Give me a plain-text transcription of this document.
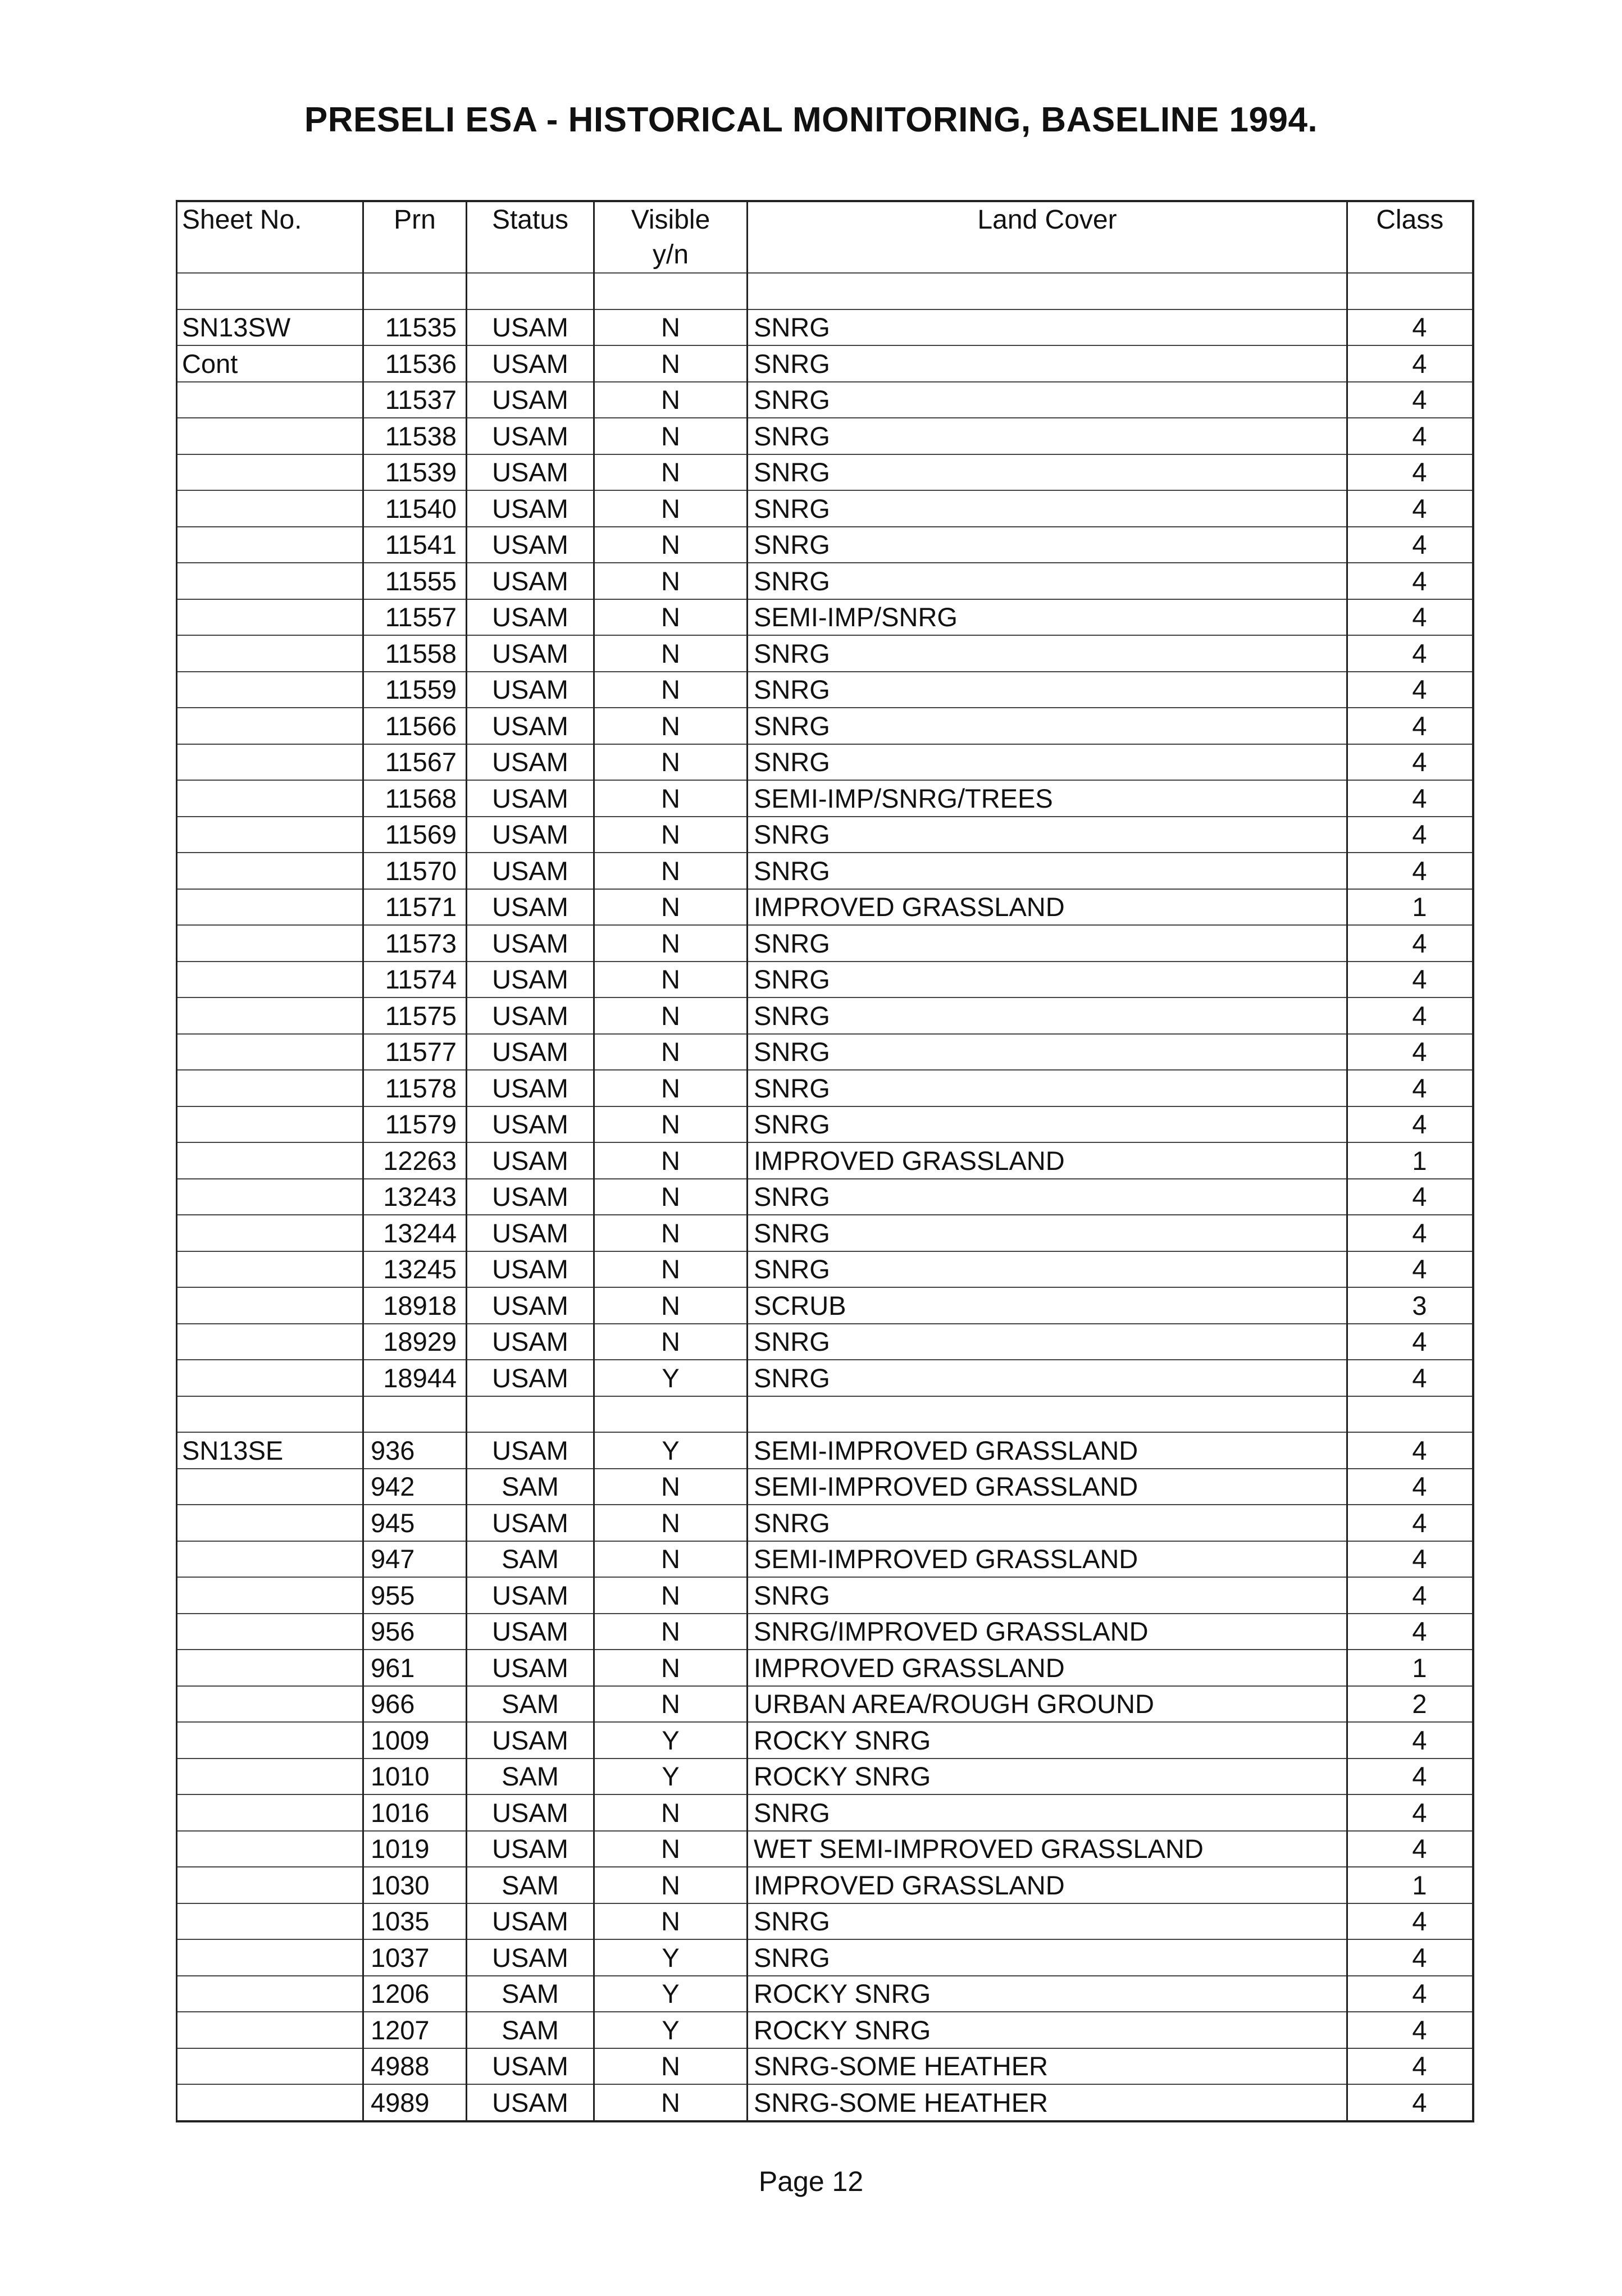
PRESELI ESA - HISTORICAL MONITORING, BASELINE 1994.
Sheet No.	Prn	Status	Visible	Land Cover	Class
			y/n		

SN13SW	11535	USAM	N	SNRG	4
Cont	11536	USAM	N	SNRG	4
	11537	USAM	N	SNRG	4
	11538	USAM	N	SNRG	4
	11539	USAM	N	SNRG	4
	11540	USAM	N	SNRG	4
	11541	USAM	N	SNRG	4
	11555	USAM	N	SNRG	4
	11557	USAM	N	SEMI-IMP/SNRG	4
	11558	USAM	N	SNRG	4
	11559	USAM	N	SNRG	4
	11566	USAM	N	SNRG	4
	11567	USAM	N	SNRG	4
	11568	USAM	N	SEMI-IMP/SNRG/TREES	4
	11569	USAM	N	SNRG	4
	11570	USAM	N	SNRG	4
	11571	USAM	N	IMPROVED GRASSLAND	1
	11573	USAM	N	SNRG	4
	11574	USAM	N	SNRG	4
	11575	USAM	N	SNRG	4
	11577	USAM	N	SNRG	4
	11578	USAM	N	SNRG	4
	11579	USAM	N	SNRG	4
	12263	USAM	N	IMPROVED GRASSLAND	1
	13243	USAM	N	SNRG	4
	13244	USAM	N	SNRG	4
	13245	USAM	N	SNRG	4
	18918	USAM	N	SCRUB	3
	18929	USAM	N	SNRG	4
	18944	USAM	Y	SNRG	4

SN13SE	936	USAM	Y	SEMI-IMPROVED GRASSLAND	4
	942	SAM	N	SEMI-IMPROVED GRASSLAND	4
	945	USAM	N	SNRG	4
	947	SAM	N	SEMI-IMPROVED GRASSLAND	4
	955	USAM	N	SNRG	4
	956	USAM	N	SNRG/IMPROVED GRASSLAND	4
	961	USAM	N	IMPROVED GRASSLAND	1
	966	SAM	N	URBAN AREA/ROUGH GROUND	2
	1009	USAM	Y	ROCKY SNRG	4
	1010	SAM	Y	ROCKY SNRG	4
	1016	USAM	N	SNRG	4
	1019	USAM	N	WET SEMI-IMPROVED GRASSLAND	4
	1030	SAM	N	IMPROVED GRASSLAND	1
	1035	USAM	N	SNRG	4
	1037	USAM	Y	SNRG	4
	1206	SAM	Y	ROCKY SNRG	4
	1207	SAM	Y	ROCKY SNRG	4
	4988	USAM	N	SNRG-SOME HEATHER	4
	4989	USAM	N	SNRG-SOME HEATHER	4
Page 12
